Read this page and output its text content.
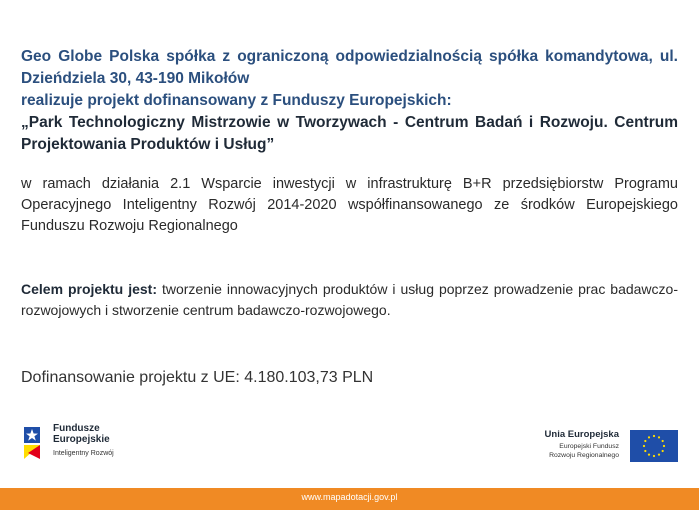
Geo Globe Polska spółka z ograniczoną odpowiedzialnością spółka komandytowa, ul. Dzieńdziela 30, 43-190 Mikołów

realizuje projekt dofinansowany z Funduszy Europejskich:

„Park Technologiczny Mistrzowie w Tworzywach - Centrum Badań i Rozwoju. Centrum Projektowania Produktów i Usług”

w ramach działania 2.1 Wsparcie inwestycji w infrastrukturę B+R przedsiębiorstw Programu Operacyjnego Inteligentny Rozwój 2014-2020 współfinansowanego ze środków Europejskiego Funduszu Rozwoju Regionalnego

Celem projektu jest: tworzenie innowacyjnych produktów i usług poprzez prowadzenie prac badawczo-rozwojowych i stworzenie centrum badawczo-rozwojowego.

Dofinansowanie projektu z UE: 4.180.103,73 PLN

Fundusze
Europejskie
Inteligentny Rozwój
Unia Europejska
Europejski Fundusz
Rozwoju Regionalnego
www.mapadotacji.gov.pl
